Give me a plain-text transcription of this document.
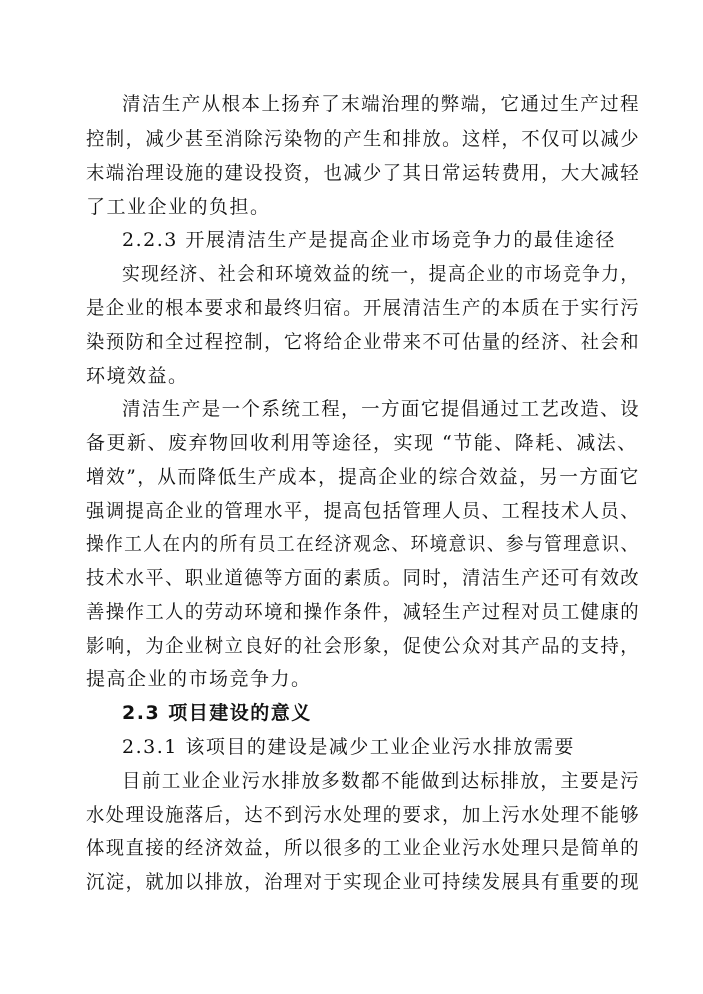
清洁生产从根本上扬弃了末端治理的弊端，它通过生产过程
控制，减少甚至消除污染物的产生和排放。这样，不仅可以减少
末端治理设施的建设投资，也减少了其日常运转费用，大大减轻
了工业企业的负担。
2.2.3 开展清洁生产是提高企业市场竞争力的最佳途径
实现经济、社会和环境效益的统一，提高企业的市场竞争力，
是企业的根本要求和最终归宿。开展清洁生产的本质在于实行污
染预防和全过程控制，它将给企业带来不可估量的经济、社会和
环境效益。
清洁生产是一个系统工程，一方面它提倡通过工艺改造、设
备更新、废弃物回收利用等途径，实现 “节能、降耗、减法、
增效”，从而降低生产成本，提高企业的综合效益，另一方面它
强调提高企业的管理水平，提高包括管理人员、工程技术人员、
操作工人在内的所有员工在经济观念、环境意识、参与管理意识、
技术水平、职业道德等方面的素质。同时，清洁生产还可有效改
善操作工人的劳动环境和操作条件，减轻生产过程对员工健康的
影响，为企业树立良好的社会形象，促使公众对其产品的支持，
提高企业的市场竞争力。
2.3 项目建设的意义
2.3.1 该项目的建设是减少工业企业污水排放需要
目前工业企业污水排放多数都不能做到达标排放，主要是污
水处理设施落后，达不到污水处理的要求，加上污水处理不能够
体现直接的经济效益，所以很多的工业企业污水处理只是简单的
沉淀，就加以排放，治理对于实现企业可持续发展具有重要的现
